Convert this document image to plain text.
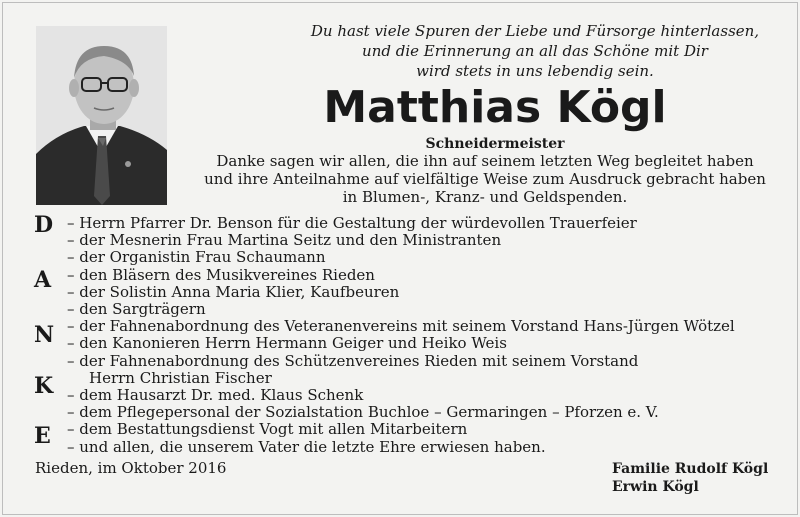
Du hast viele Spuren der Liebe und Fürsorge hinterlassen,
und die Erinnerung an all das Schöne mit Dir
wird stets in uns lebendig sein.
Matthias Kögl
Schneidermeister
Danke sagen wir allen, die ihn auf seinem letzten Weg begleitet haben
und ihre Anteilnahme auf vielfältige Weise zum Ausdruck gebracht haben
in Blumen-, Kranz- und Geldspenden.
D
A
N
K
E
– Herrn Pfarrer Dr. Benson für die Gestaltung der würdevollen Trauerfeier
– der Mesnerin Frau Martina Seitz und den Ministranten
– der Organistin Frau Schaumann
– den Bläsern des Musikvereines Rieden
– der Solistin Anna Maria Klier, Kaufbeuren
– den Sargträgern
– der Fahnenabordnung des Veteranenvereins mit seinem Vorstand Hans-Jürgen Wötzel
– den Kanonieren Herrn Hermann Geiger und Heiko Weis
– der Fahnenabordnung des Schützenvereines Rieden mit seinem Vorstand
Herrn Christian Fischer
– dem Hausarzt Dr. med. Klaus Schenk
– dem Pflegepersonal der Sozialstation Buchloe – Germaringen – Pforzen e. V.
– dem Bestattungsdienst Vogt mit allen Mitarbeitern
– und allen, die unserem Vater die letzte Ehre erwiesen haben.
Rieden, im Oktober 2016	Familie Rudolf Kögl
Erwin Kögl
